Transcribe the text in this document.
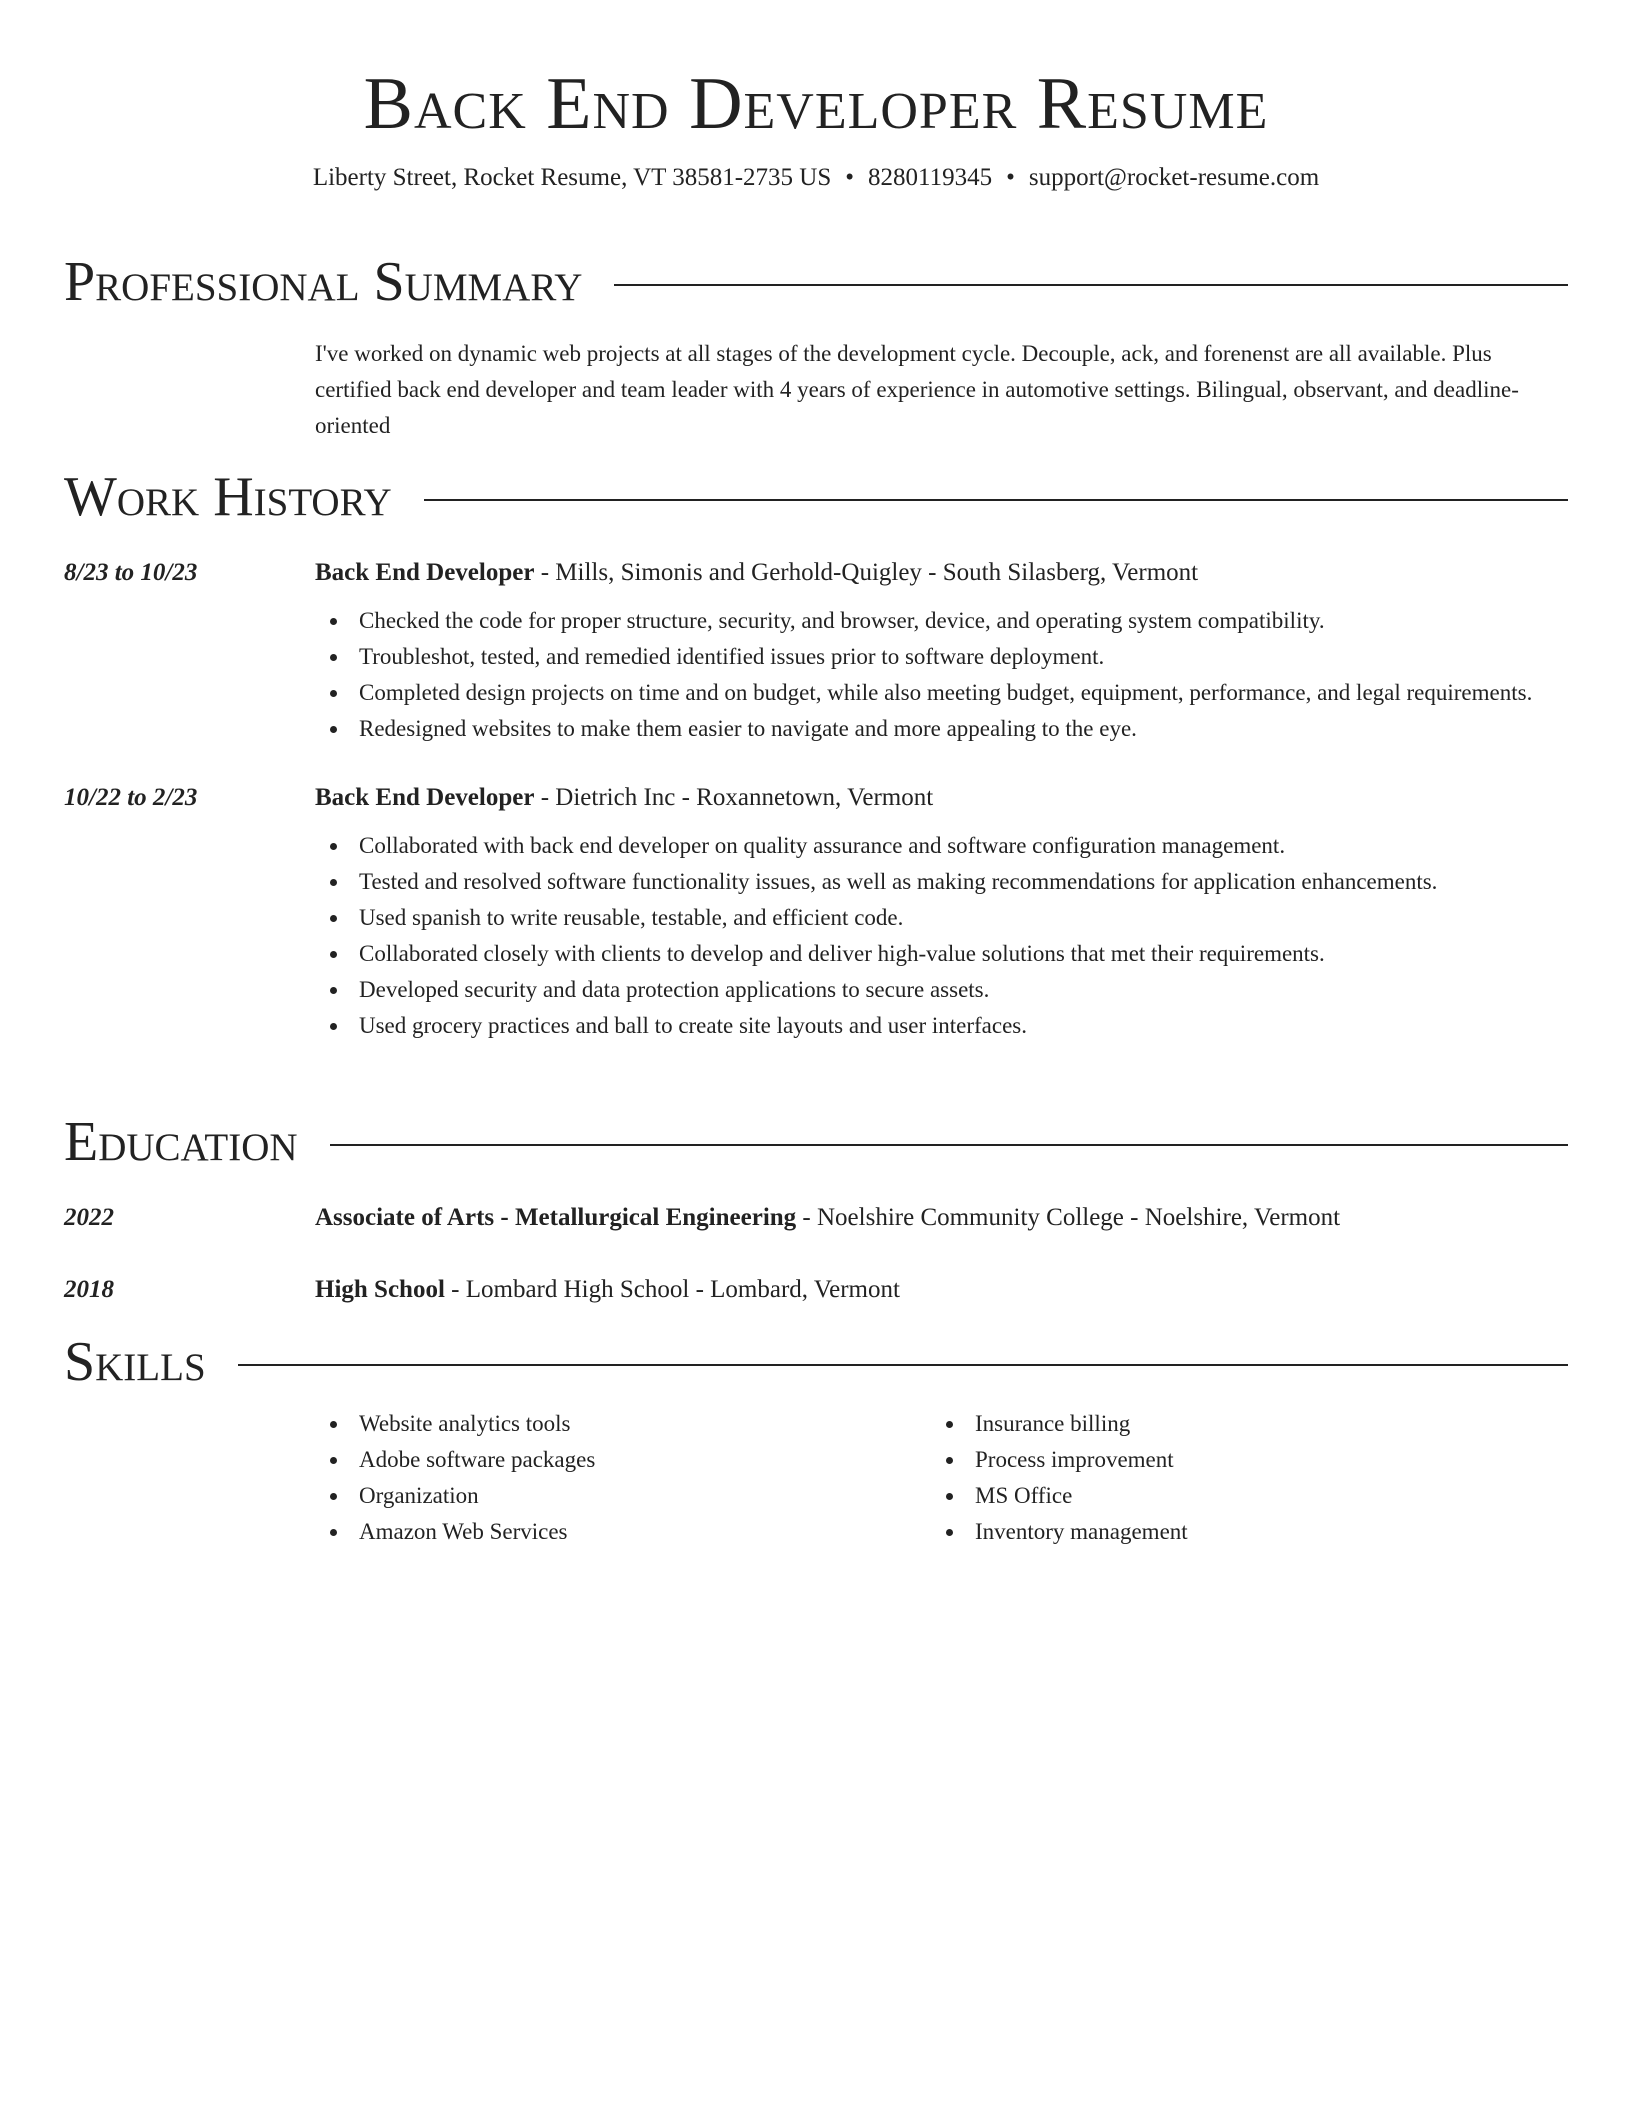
Back End Developer Resume
Liberty Street, Rocket Resume, VT 38581-2735 US • 8280119345 • support@rocket-resume.com
Professional Summary
I've worked on dynamic web projects at all stages of the development cycle. Decouple, ack, and forenenst are all available. Plus certified back end developer and team leader with 4 years of experience in automotive settings. Bilingual, observant, and deadline-oriented
Work History
8/23 to 10/23	Back End Developer - Mills, Simonis and Gerhold-Quigley - South Silasberg, Vermont
Checked the code for proper structure, security, and browser, device, and operating system compatibility.
Troubleshot, tested, and remedied identified issues prior to software deployment.
Completed design projects on time and on budget, while also meeting budget, equipment, performance, and legal requirements.
Redesigned websites to make them easier to navigate and more appealing to the eye.
10/22 to 2/23	Back End Developer - Dietrich Inc - Roxannetown, Vermont
Collaborated with back end developer on quality assurance and software configuration management.
Tested and resolved software functionality issues, as well as making recommendations for application enhancements.
Used spanish to write reusable, testable, and efficient code.
Collaborated closely with clients to develop and deliver high-value solutions that met their requirements.
Developed security and data protection applications to secure assets.
Used grocery practices and ball to create site layouts and user interfaces.
Education
2022	Associate of Arts - Metallurgical Engineering - Noelshire Community College - Noelshire, Vermont
2018	High School - Lombard High School - Lombard, Vermont
Skills
Website analytics tools
Adobe software packages
Organization
Amazon Web Services
Insurance billing
Process improvement
MS Office
Inventory management
